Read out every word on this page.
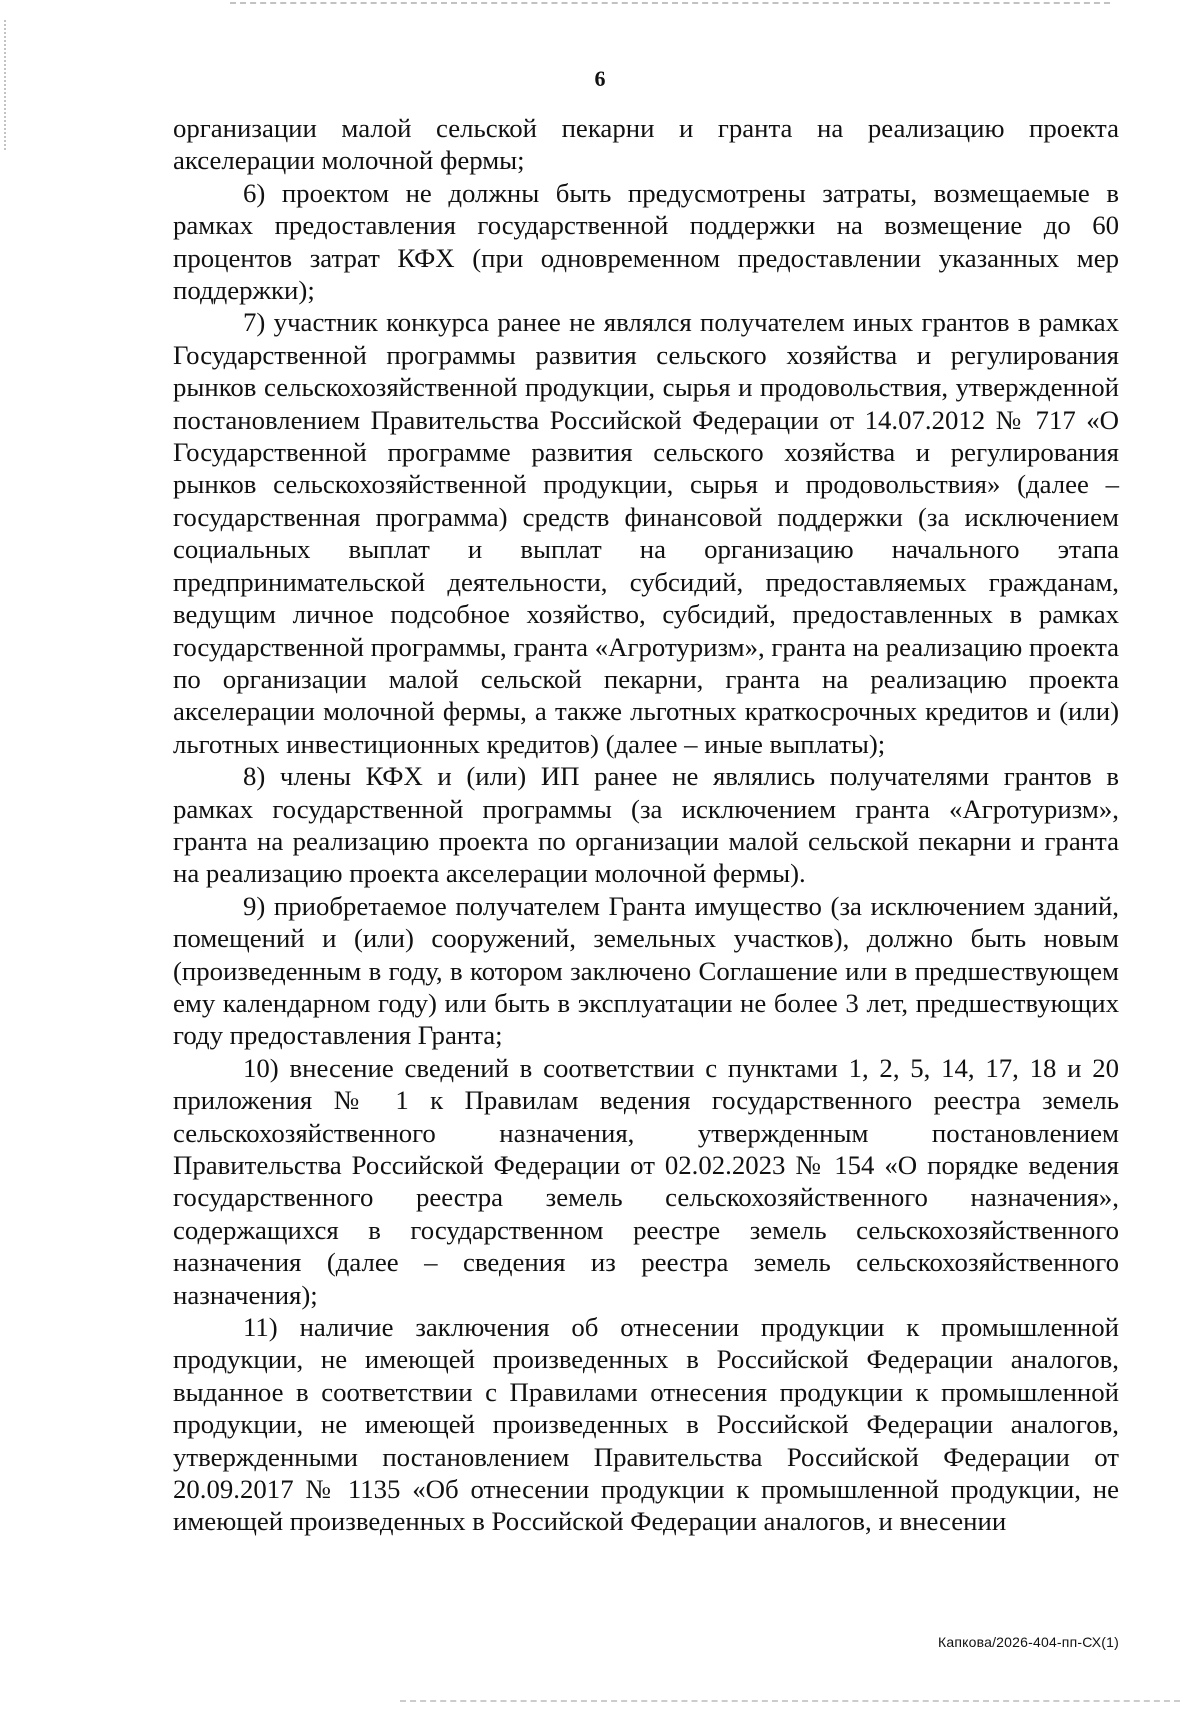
6

организации малой сельской пекарни и гранта на реализацию проекта акселерации молочной фермы;

6) проектом не должны быть предусмотрены затраты, возмещаемые в рамках предоставления государственной поддержки на возмещение до 60 процентов затрат КФХ (при одновременном предоставлении указанных мер поддержки);

7) участник конкурса ранее не являлся получателем иных грантов в рамках Государственной программы развития сельского хозяйства и регулирования рынков сельскохозяйственной продукции, сырья и продовольствия, утвержденной постановлением Правительства Российской Федерации от 14.07.2012 № 717 «О Государственной программе развития сельского хозяйства и регулирования рынков сельскохозяйственной продукции, сырья и продовольствия» (далее – государственная программа) средств финансовой поддержки (за исключением социальных выплат и выплат на организацию начального этапа предпринимательской деятельности, субсидий, предоставляемых гражданам, ведущим личное подсобное хозяйство, субсидий, предоставленных в рамках государственной программы, гранта «Агротуризм», гранта на реализацию проекта по организации малой сельской пекарни, гранта на реализацию проекта акселерации молочной фермы, а также льготных краткосрочных кредитов и (или) льготных инвестиционных кредитов) (далее – иные выплаты);

8) члены КФХ и (или) ИП ранее не являлись получателями грантов в рамках государственной программы (за исключением гранта «Агротуризм», гранта на реализацию проекта по организации малой сельской пекарни и гранта на реализацию проекта акселерации молочной фермы).

9) приобретаемое получателем Гранта имущество (за исключением зданий, помещений и (или) сооружений, земельных участков), должно быть новым (произведенным в году, в котором заключено Соглашение или в предшествующем ему календарном году) или быть в эксплуатации не более 3 лет, предшествующих году предоставления Гранта;

10) внесение сведений в соответствии с пунктами 1, 2, 5, 14, 17, 18 и 20 приложения № 1 к Правилам ведения государственного реестра земель сельскохозяйственного назначения, утвержденным постановлением Правительства Российской Федерации от 02.02.2023 № 154 «О порядке ведения государственного реестра земель сельскохозяйственного назначения», содержащихся в государственном реестре земель сельскохозяйственного назначения (далее – сведения из реестра земель сельскохозяйственного назначения);

11) наличие заключения об отнесении продукции к промышленной продукции, не имеющей произведенных в Российской Федерации аналогов, выданное в соответствии с Правилами отнесения продукции к промышленной продукции, не имеющей произведенных в Российской Федерации аналогов, утвержденными постановлением Правительства Российской Федерации от 20.09.2017 № 1135 «Об отнесении продукции к промышленной продукции, не имеющей произведенных в Российской Федерации аналогов, и внесении

Капкова/2026-404-пп-СХ(1)
